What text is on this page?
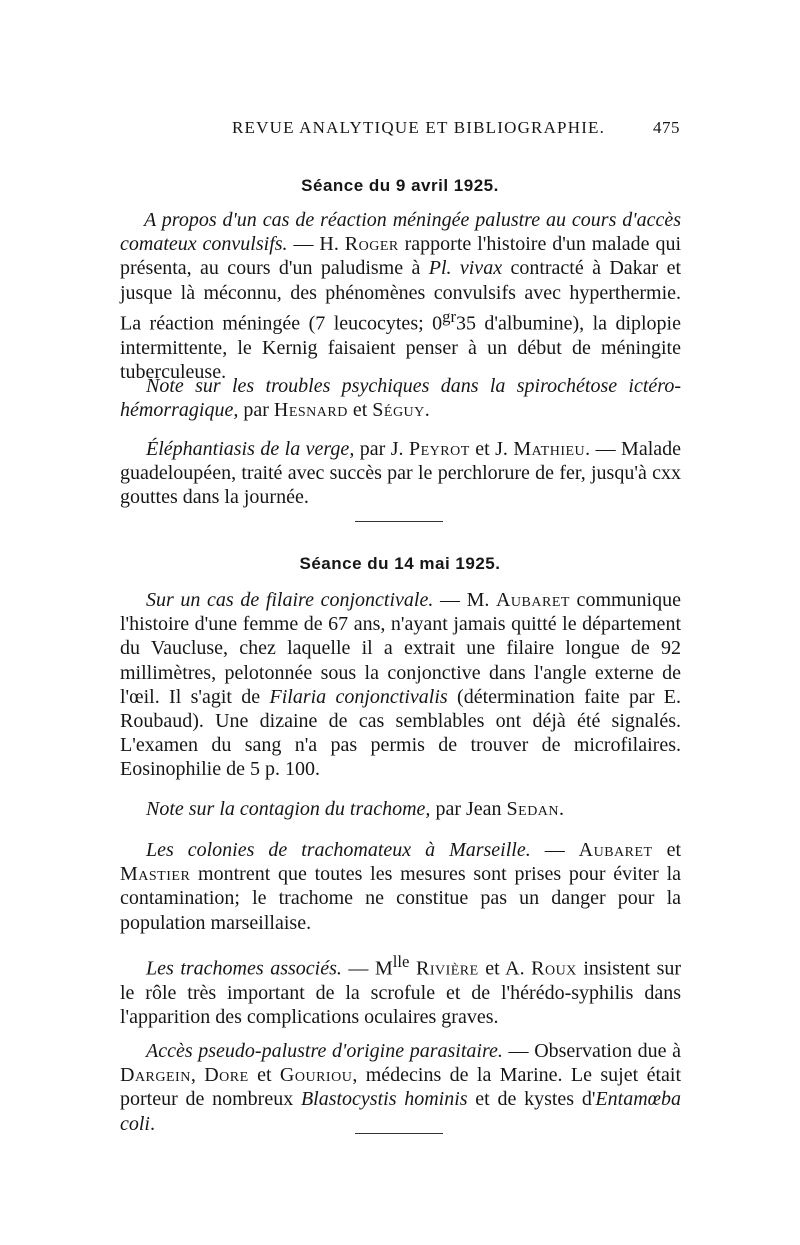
REVUE ANALYTIQUE ET BIBLIOGRAPHIE.	475
Séance du 9 avril 1925.

A propos d'un cas de réaction méningée palustre au cours d'accès comateux convulsifs. — H. Roger rapporte l'histoire d'un malade qui présenta, au cours d'un paludisme à Pl. vivax contracté à Dakar et jusque là méconnu, des phénomènes convulsifs avec hyperthermie. La réaction méningée (7 leucocytes; $0^{gr}35$ d'albumine), la diplopie intermittente, le Kernig faisaient penser à un début de méningite tuberculeuse.

Note sur les troubles psychiques dans la spirochétose ictéro-hémorragique, par Hesnard et Séguy.

Éléphantiasis de la verge, par J. Peyrot et J. Mathieu. — Malade guadeloupéen, traité avec succès par le perchlorure de fer, jusqu'à cxx gouttes dans la journée.

Séance du 14 mai 1925.

Sur un cas de filaire conjonctivale. — M. Aubaret communique l'histoire d'une femme de 67 ans, n'ayant jamais quitté le département du Vaucluse, chez laquelle il a extrait une filaire longue de 92 millimètres, pelotonnée sous la conjonctive dans l'angle externe de l'œil. Il s'agit de Filaria conjonctivalis (détermination faite par E. Roubaud). Une dizaine de cas semblables ont déjà été signalés. L'examen du sang n'a pas permis de trouver de microfilaires. Eosinophilie de 5 p. 100.

Note sur la contagion du trachome, par Jean Sedan.

Les colonies de trachomateux à Marseille. — Aubaret et Mastier montrent que toutes les mesures sont prises pour éviter la contamination; le trachome ne constitue pas un danger pour la population marseillaise.

Les trachomes associés. — $M^{lle}$ Rivière et A. Roux insistent sur le rôle très important de la scrofule et de l'hérédo-syphilis dans l'apparition des complications oculaires graves.

Accès pseudo-palustre d'origine parasitaire. — Observation due à Dargein, Dore et Gouriou, médecins de la Marine. Le sujet était porteur de nombreux Blastocystis hominis et de kystes d'Entamœba coli.
